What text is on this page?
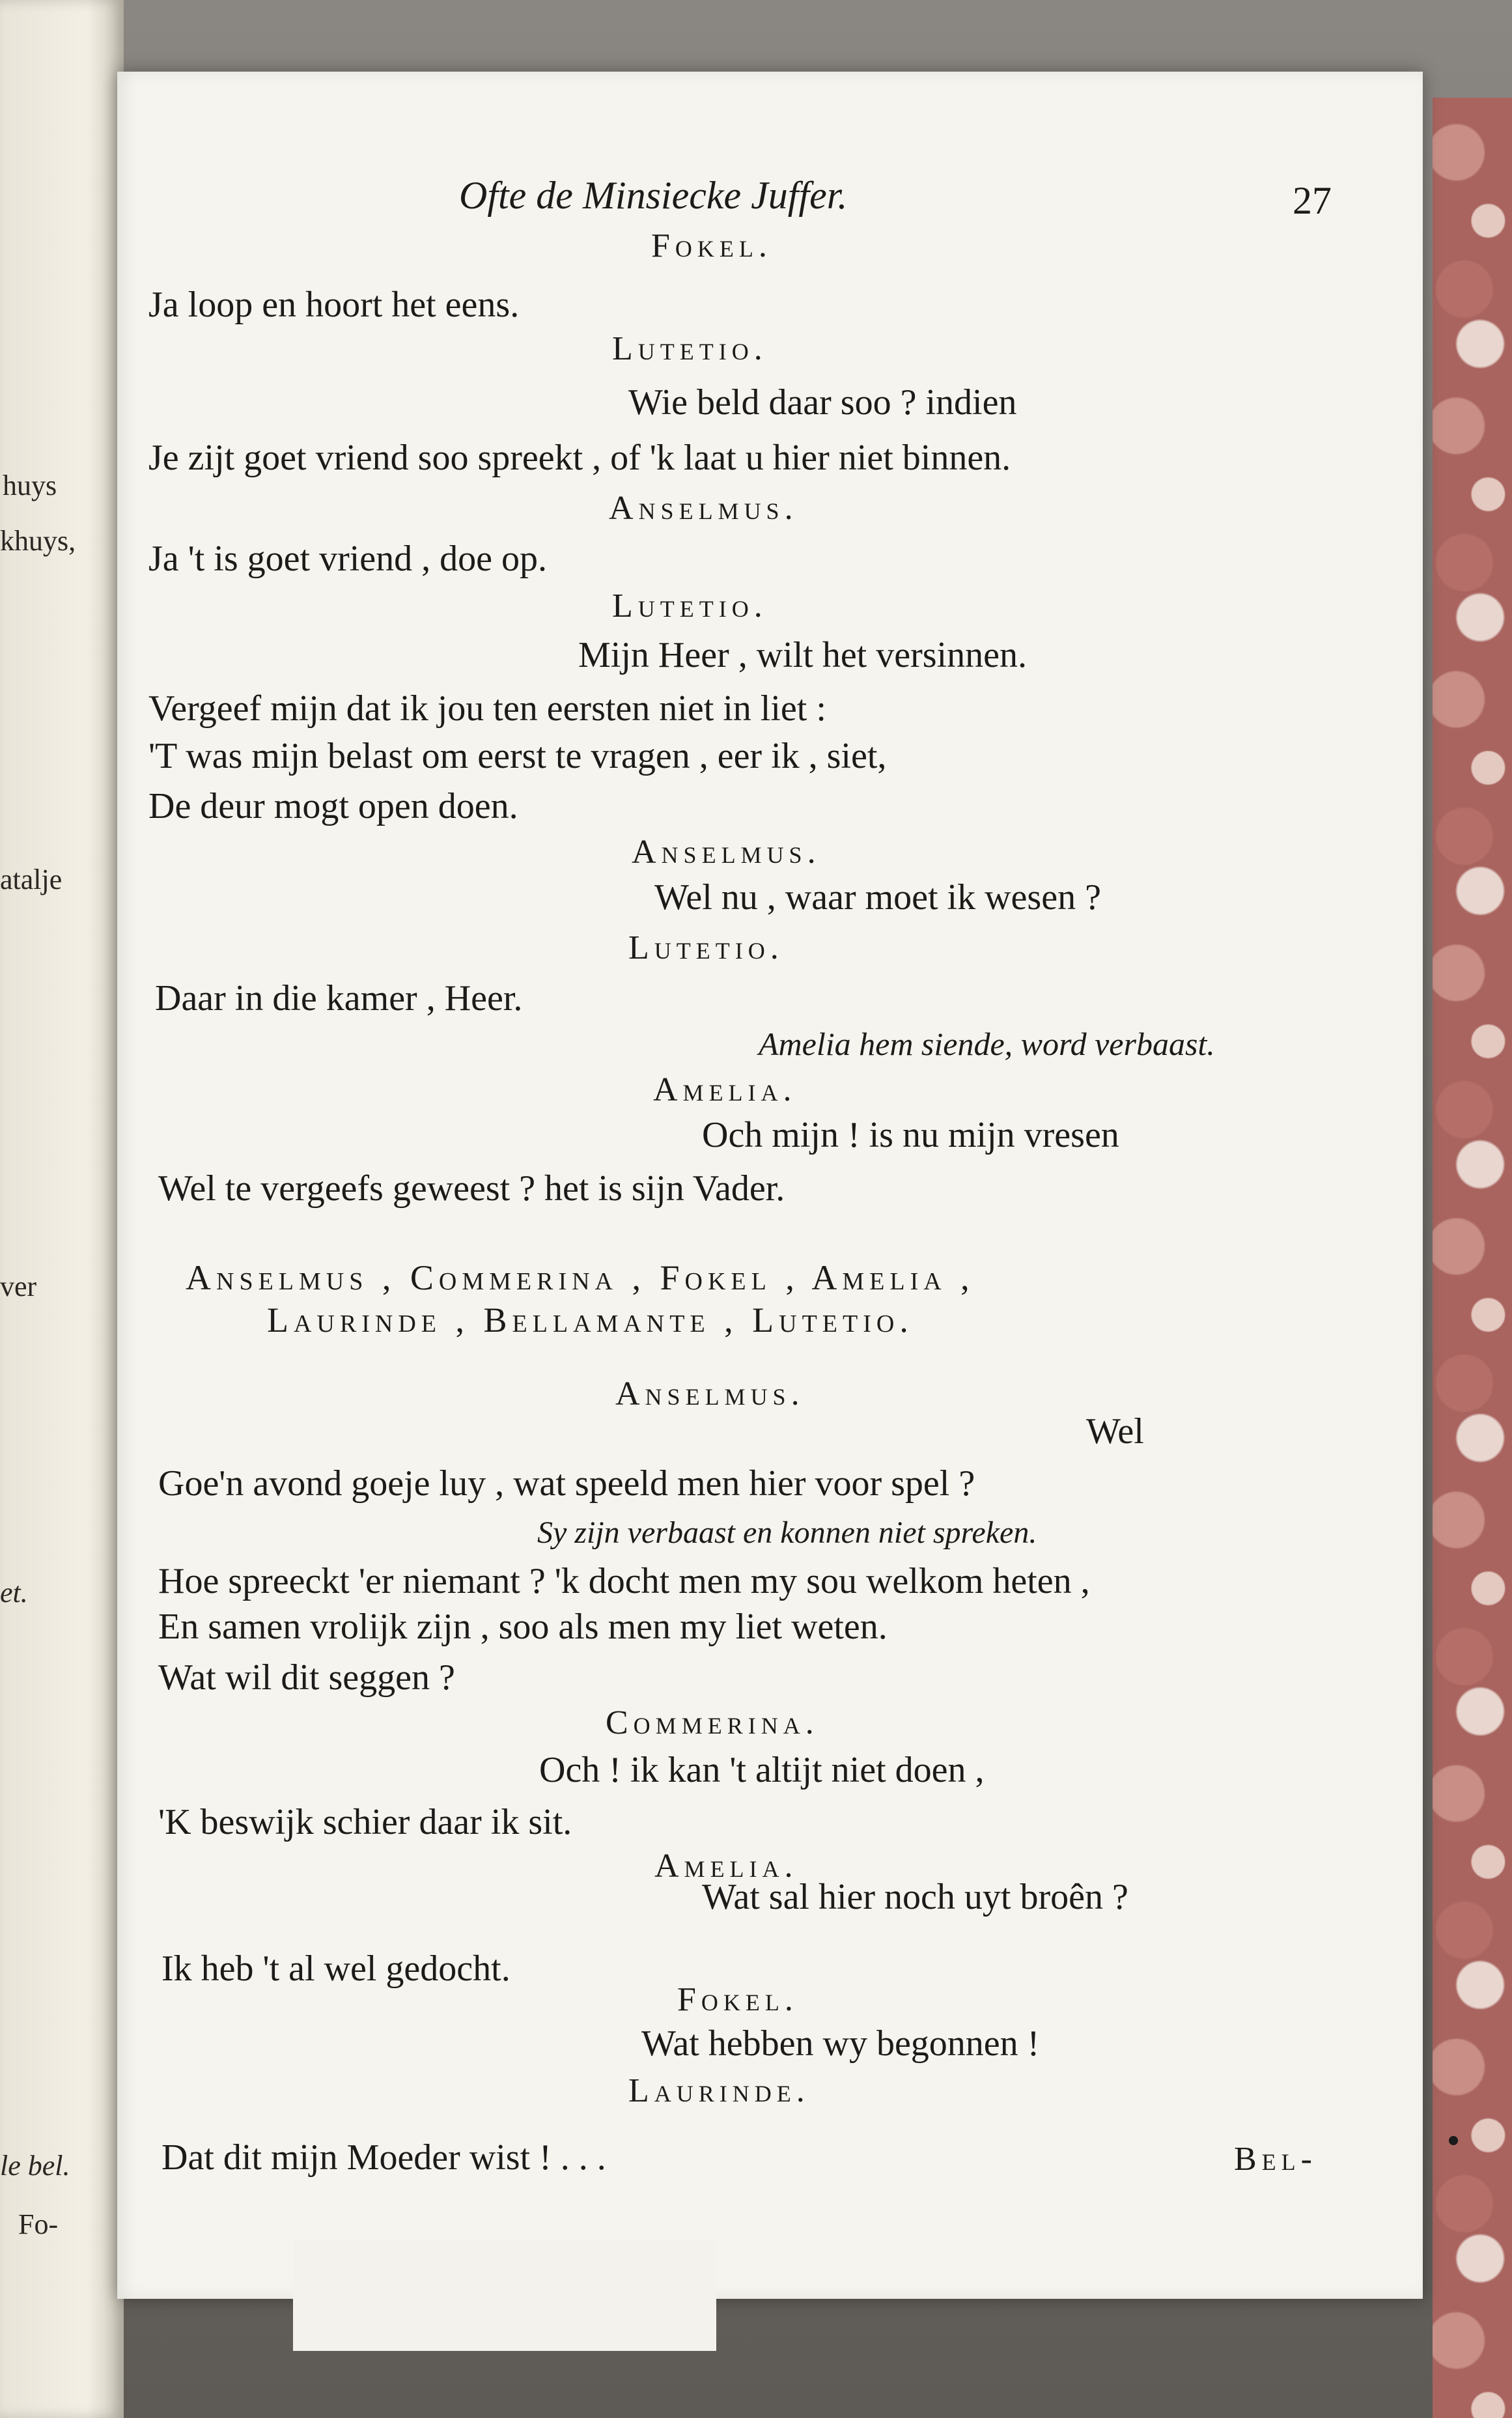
huys
khuys,
atalje
ver
et.
le bel.
Fo-
Ofte de Minsiecke Juffer.	27
Fokel.
Ja loop en hoort het eens.
Lutetio.
Wie beld daar soo ? indien
Je zijt goet vriend soo spreekt , of 'k laat u hier niet binnen.
Anselmus.
Ja 't is goet vriend , doe op.
Lutetio.
Mijn Heer , wilt het versinnen.
Vergeef mijn dat ik jou ten eersten niet in liet :
'T was mijn belast om eerst te vragen , eer ik , siet,
De deur mogt open doen.
Anselmus.
Wel nu , waar moet ik wesen ?
Lutetio.
Daar in die kamer , Heer.
Amelia hem siende, word verbaast.
Amelia.
Och mijn ! is nu mijn vresen
Wel te vergeefs geweest ? het is sijn Vader.
Anselmus , Commerina , Fokel , Amelia ,
Laurinde , Bellamante , Lutetio.
Anselmus.
Wel
Goe'n avond goeje luy , wat speeld men hier voor spel ?
Sy zijn verbaast en konnen niet spreken.
Hoe spreeckt 'er niemant ? 'k docht men my sou welkom heten ,
En samen vrolijk zijn , soo als men my liet weten.
Wat wil dit seggen ?
Commerina.
Och ! ik kan 't altijt niet doen ,
'K beswijk schier daar ik sit.
Amelia.
Wat sal hier noch uyt broên ?
Ik heb 't al wel gedocht.
Fokel.
Wat hebben wy begonnen !
Laurinde.
Dat dit mijn Moeder wist ! . . .	Bel-
